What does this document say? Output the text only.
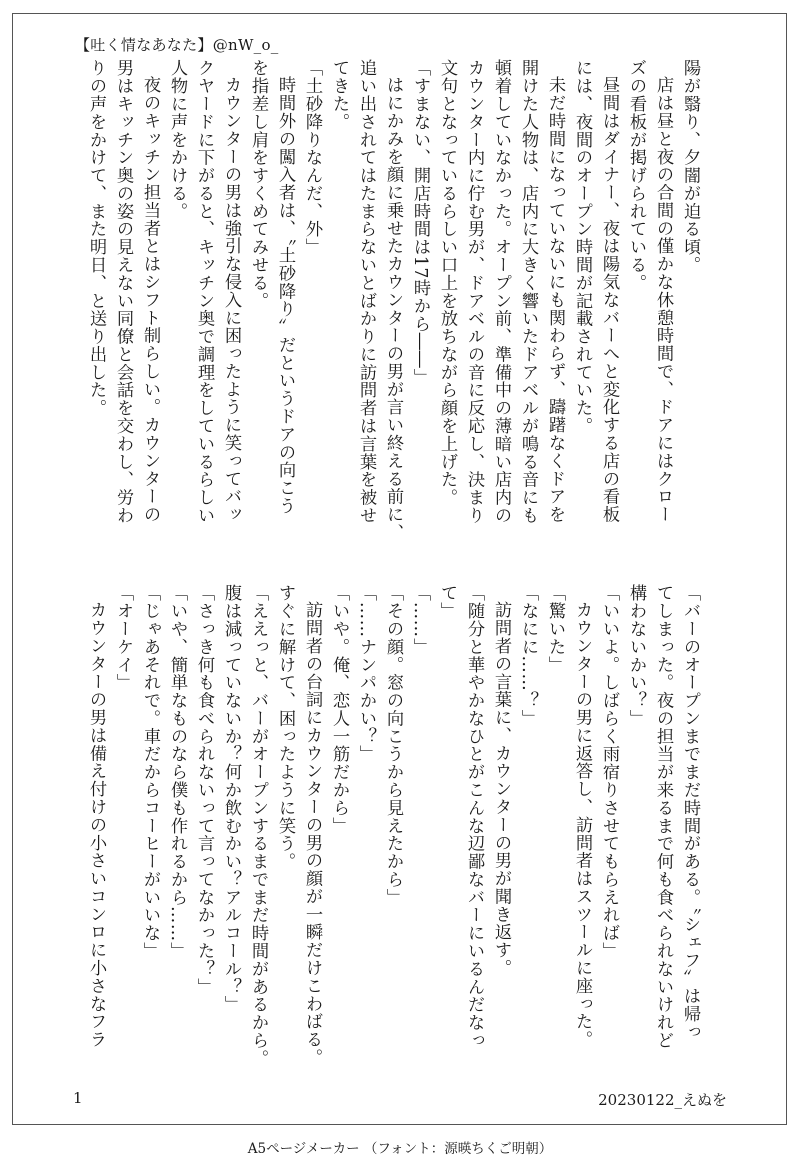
【吐く情なあなた】@nW_o_

陽が翳り、夕闇が迫る頃。

店は昼と夜の合間の僅かな休憩時間で、ドアにはクロー

ズの看板が掲げられている。

昼間はダイナー、夜は陽気なバーへと変化する店の看板

には、夜間のオープン時間が記載されていた。

未だ時間になっていないにも関わらず、躊躇なくドアを

開けた人物は、店内に大きく響いたドアベルが鳴る音にも

頓着していなかった。オープン前、準備中の薄暗い店内の

カウンター内に佇む男が、ドアベルの音に反応し、決まり

文句となっているらしい口上を放ちながら顔を上げた。

「すまない、開店時間は17時から――」

はにかみを顔に乗せたカウンターの男が言い終える前に、

追い出されてはたまらないとばかりに訪問者は言葉を被せ

てきた。

「土砂降りなんだ、外」

時間外の闖入者は、〝土砂降り〟だというドアの向こう

を指差し肩をすくめてみせる。

カウンターの男は強引な侵入に困ったように笑ってバッ

クヤードに下がると、キッチン奥で調理をしているらしい

人物に声をかける。

夜のキッチン担当者とはシフト制らしい。カウンターの

男はキッチン奥の姿の見えない同僚と会話を交わし、労わ

りの声をかけて、また明日、と送り出した。

「バーのオープンまでまだ時間がある。〝シェフ〟は帰っ

てしまった。夜の担当が来るまで何も食べられないけれど

構わないかい？」

「いいよ。しばらく雨宿りさせてもらえれば」

カウンターの男に返答し、訪問者はスツールに座った。

「驚いた」

「なにに……？」

訪問者の言葉に、カウンターの男が聞き返す。

「随分と華やかなひとがこんな辺鄙なバーにいるんだなっ

て」

「……」

「その顔。窓の向こうから見えたから」

「……ナンパかい？」

「いや。俺、恋人一筋だから」

訪問者の台詞にカウンターの男の顔が一瞬だけこわばる。

すぐに解けて、困ったように笑う。

「ええっと、バーがオープンするまでまだ時間があるから。

腹は減っていないか？何か飲むかい？アルコール？」

「さっき何も食べられないって言ってなかった？」

「いや、簡単なものなら僕も作れるから……」

「じゃあそれで。車だからコーヒーがいいな」

「オーケイ」

カウンターの男は備え付けの小さいコンロに小さなフラ

1	20230122_えぬを
A5ページメーカー （フォント：源暎ちくご明朝）
